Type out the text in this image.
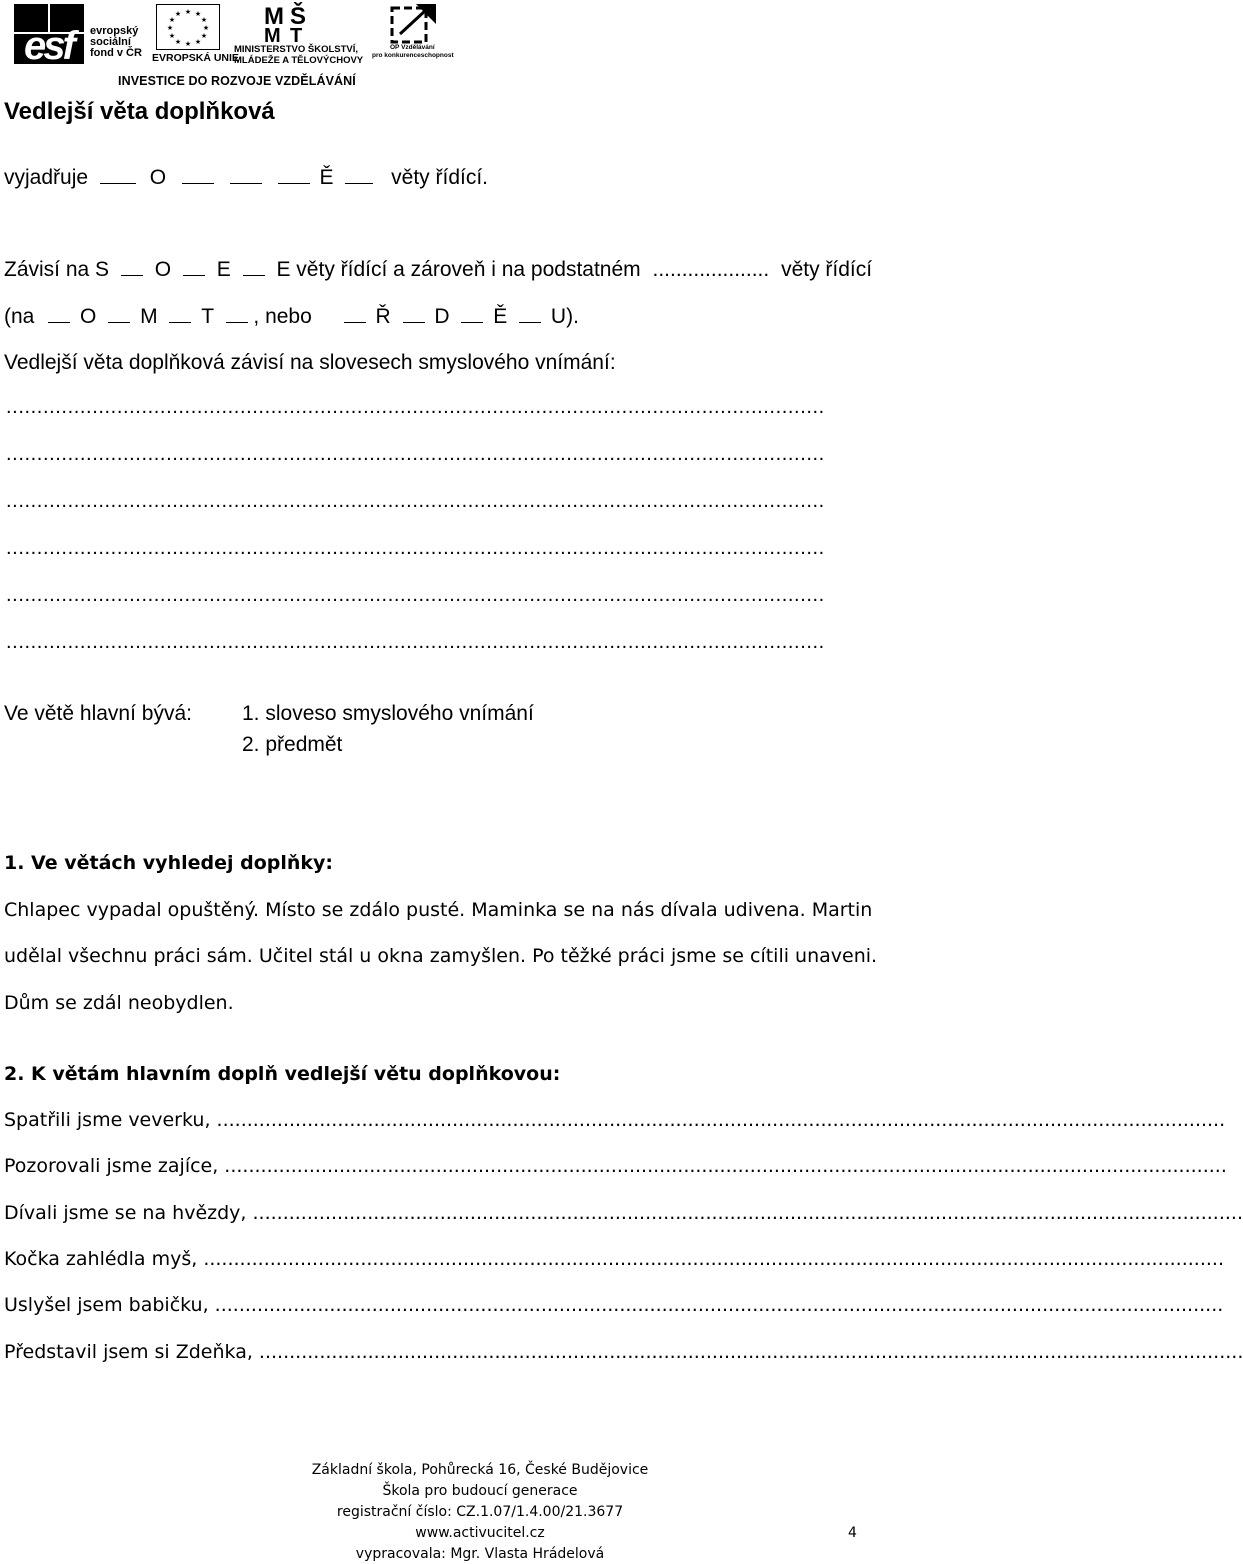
esf evropský
sociální
fond v ČR
★ ★
★
★
★
★
★
★
★
★
★
★
EVROPSKÁ UNIE
M Š
M T
MINISTERSTVO ŠKOLSTVÍ,
MLÁDEŽE A TĚLOVÝCHOVY
OP Vzdělávání
pro konkurenceschopnost
INVESTICE DO ROZVOJE VZDĚLÁVÁNÍ
Vedlejší věta doplňková
vyjadřuje	O	Ě	věty řídící.
Závisí na S O E E věty řídící a zároveň i na podstatném .................... věty řídící
(na O M T , nebo	Ř D Ě U).
Vedlejší věta doplňková závisí na slovesech smyslového vnímání:
.....................................................................................................................................
.....................................................................................................................................
.....................................................................................................................................
.....................................................................................................................................
.....................................................................................................................................
.....................................................................................................................................
Ve větě hlavní bývá: 1. sloveso smyslového vnímání
2. předmět
1. Ve větách vyhledej doplňky:
Chlapec vypadal opuštěný. Místo se zdálo pusté. Maminka se na nás dívala udivena. Martin
udělal všechnu práci sám. Učitel stál u okna zamyšlen. Po těžké práci jsme se cítili unaveni.
Dům se zdál neobydlen.
2. K větám hlavním doplň vedlejší větu doplňkovou:
Spatřili jsme veverku, .......................................................................................................................................................................
Pozorovali jsme zajíce, ......................................................................................................................................................................
Dívali jsme se na hvězdy, ....................................................................................................................................................................
Kočka zahlédla myš, .........................................................................................................................................................................
Uslyšel jsem babičku, .......................................................................................................................................................................
Představil jsem si Zdeňka, ...................................................................................................................................................................
Základní škola, Pohůrecká 16, České Budějovice
Škola pro budoucí generace
registrační číslo: CZ.1.07/1.4.00/21.3677
www.activucitel.cz
vypracovala: Mgr. Vlasta Hrádelová
4
